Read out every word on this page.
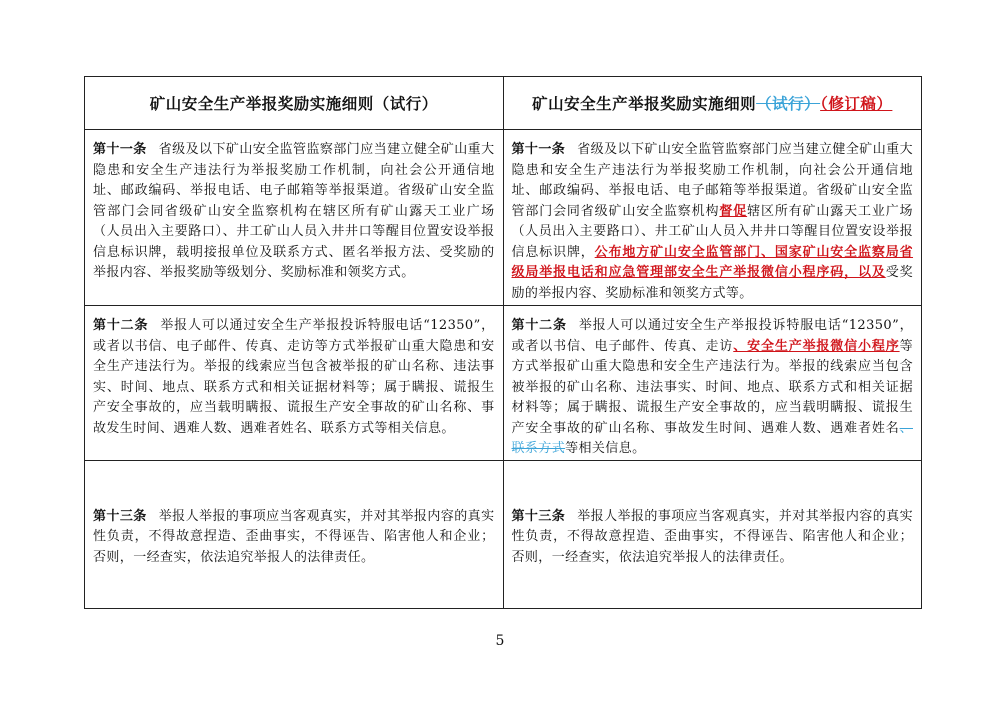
矿山安全生产举报奖励实施细则（试行）	矿山安全生产举报奖励实施细则（试行）（修订稿）
第十一条 省级及以下矿山安全监管监察部门应当建立健全矿山重大隐患和安全生产违法行为举报奖励工作机制，向社会公开通信地址、邮政编码、举报电话、电子邮箱等举报渠道。省级矿山安全监管部门会同省级矿山安全监察机构在辖区所有矿山露天工业广场（人员出入主要路口）、井工矿山人员入井井口等醒目位置安设举报信息标识牌，载明接报单位及联系方式、匿名举报方法、受奖励的举报内容、举报奖励等级划分、奖励标准和领奖方式。	第十一条 省级及以下矿山安全监管监察部门应当建立健全矿山重大隐患和安全生产违法行为举报奖励工作机制，向社会公开通信地址、邮政编码、举报电话、电子邮箱等举报渠道。省级矿山安全监管部门会同省级矿山安全监察机构督促辖区所有矿山露天工业广场（人员出入主要路口）、井工矿山人员入井井口等醒目位置安设举报信息标识牌，公布地方矿山安全监管部门、国家矿山安全监察局省级局举报电话和应急管理部安全生产举报微信小程序码，以及受奖励的举报内容、奖励标准和领奖方式等。
第十二条 举报人可以通过安全生产举报投诉特服电话“12350”，或者以书信、电子邮件、传真、走访等方式举报矿山重大隐患和安全生产违法行为。举报的线索应当包含被举报的矿山名称、违法事实、时间、地点、联系方式和相关证据材料等；属于瞒报、谎报生产安全事故的，应当载明瞒报、谎报生产安全事故的矿山名称、事故发生时间、遇难人数、遇难者姓名、联系方式等相关信息。	第十二条 举报人可以通过安全生产举报投诉特服电话“12350”，或者以书信、电子邮件、传真、走访、安全生产举报微信小程序等方式举报矿山重大隐患和安全生产违法行为。举报的线索应当包含被举报的矿山名称、违法事实、时间、地点、联系方式和相关证据材料等；属于瞒报、谎报生产安全事故的，应当载明瞒报、谎报生产安全事故的矿山名称、事故发生时间、遇难人数、遇难者姓名、联系方式等相关信息。
第十三条 举报人举报的事项应当客观真实，并对其举报内容的真实性负责，不得故意捏造、歪曲事实，不得诬告、陷害他人和企业；否则，一经查实，依法追究举报人的法律责任。	第十三条 举报人举报的事项应当客观真实，并对其举报内容的真实性负责，不得故意捏造、歪曲事实，不得诬告、陷害他人和企业；否则，一经查实，依法追究举报人的法律责任。
5
